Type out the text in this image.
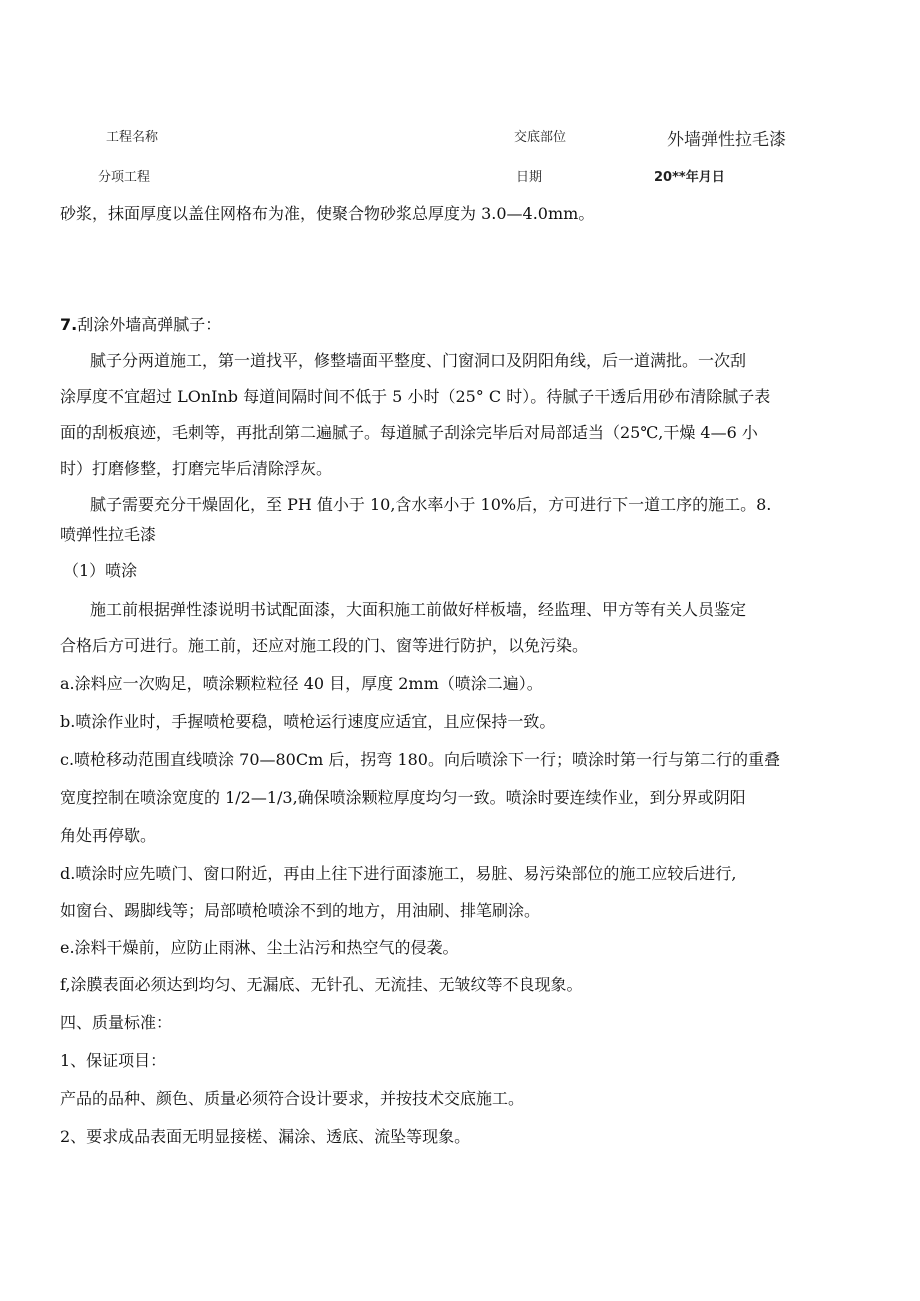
工程名称	交底部位	外墙弹性拉毛漆
分项工程	日期	20**年月日
砂浆，抹面厚度以盖住网格布为准，使聚合物砂浆总厚度为 3.0—4.0mm。
7.刮涂外墙高弹腻子：
腻子分两道施工，第一道找平，修整墙面平整度、门窗洞口及阴阳角线，后一道满批。一次刮
涂厚度不宜超过 LOnInb 每道间隔时间不低于 5 小时（25° C 时）。待腻子干透后用砂布清除腻子表
面的刮板痕迹，毛刺等，再批刮第二遍腻子。每道腻子刮涂完毕后对局部适当（25℃,干燥 4—6 小
时）打磨修整，打磨完毕后清除浮灰。
腻子需要充分干燥固化，至 PH 值小于 10,含水率小于 10%后，方可进行下一道工序的施工。8.
喷弹性拉毛漆
（1）喷涂
施工前根据弹性漆说明书试配面漆，大面积施工前做好样板墙，经监理、甲方等有关人员鉴定
合格后方可进行。施工前，还应对施工段的门、窗等进行防护，以免污染。
a.涂料应一次购足，喷涂颗粒粒径 40 目，厚度 2mm（喷涂二遍）。
b.喷涂作业时，手握喷枪要稳，喷枪运行速度应适宜，且应保持一致。
c.喷枪移动范围直线喷涂 70—80Cm 后，拐弯 180。向后喷涂下一行；喷涂时第一行与第二行的重叠
宽度控制在喷涂宽度的 1/2—1/3,确保喷涂颗粒厚度均匀一致。喷涂时要连续作业，到分界或阴阳
角处再停歇。
d.喷涂时应先喷门、窗口附近，再由上往下进行面漆施工，易脏、易污染部位的施工应较后进行,
如窗台、踢脚线等；局部喷枪喷涂不到的地方，用油刷、排笔刷涂。
e.涂料干燥前，应防止雨淋、尘土沾污和热空气的侵袭。
f,涂膜表面必须达到均匀、无漏底、无针孔、无流挂、无皱纹等不良现象。
四、质量标准：
1、保证项目：
产品的品种、颜色、质量必须符合设计要求，并按技术交底施工。
2、要求成品表面无明显接槎、漏涂、透底、流坠等现象。
